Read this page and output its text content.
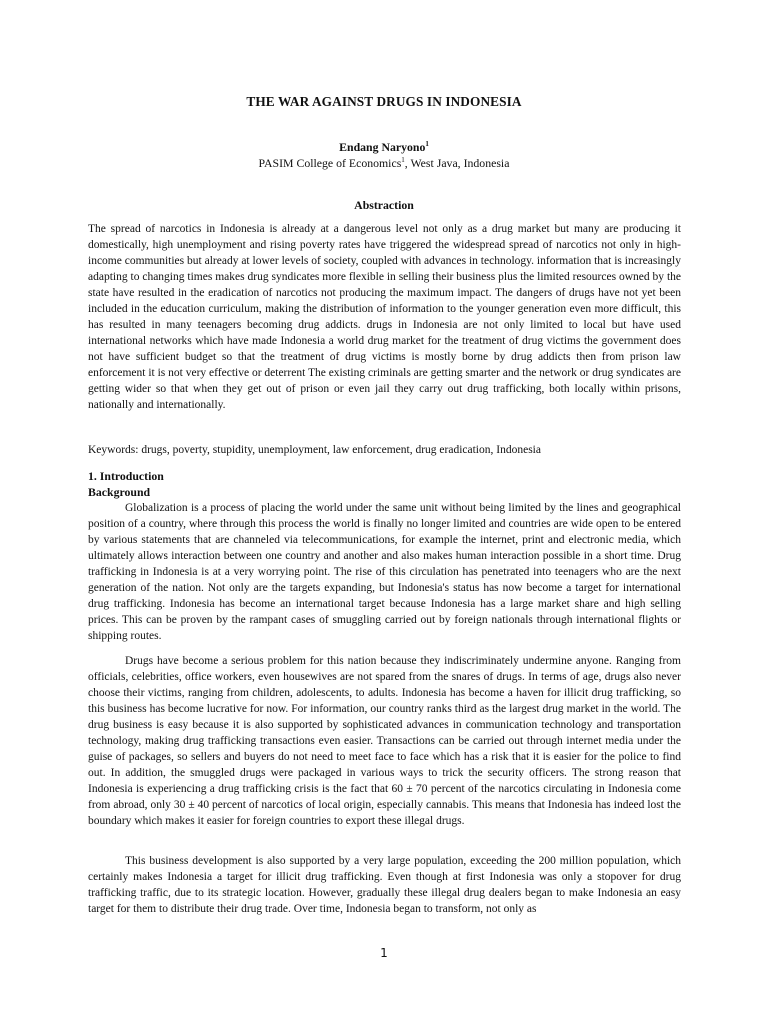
THE WAR AGAINST DRUGS IN INDONESIA
Endang Naryono$^1$
PASIM College of Economics$^1$, West Java, Indonesia
Abstraction

The spread of narcotics in Indonesia is already at a dangerous level not only as a drug market but many are producing it domestically, high unemployment and rising poverty rates have triggered the widespread spread of narcotics not only in high-income communities but already at lower levels of society, coupled with advances in technology. information that is increasingly adapting to changing times makes drug syndicates more flexible in selling their business plus the limited resources owned by the state have resulted in the eradication of narcotics not producing the maximum impact. The dangers of drugs have not yet been included in the education curriculum, making the distribution of information to the younger generation even more difficult, this has resulted in many teenagers becoming drug addicts. drugs in Indonesia are not only limited to local but have used international networks which have made Indonesia a world drug market for the treatment of drug victims the government does not have sufficient budget so that the treatment of drug victims is mostly borne by drug addicts then from prison law enforcement it is not very effective or deterrent The existing criminals are getting smarter and the network or drug syndicates are getting wider so that when they get out of prison or even jail they carry out drug trafficking, both locally within prisons, nationally and internationally.

Keywords: drugs, poverty, stupidity, unemployment, law enforcement, drug eradication, Indonesia

1. Introduction
Background

Globalization is a process of placing the world under the same unit without being limited by the lines and geographical position of a country, where through this process the world is finally no longer limited and countries are wide open to be entered by various statements that are channeled via telecommunications, for example the internet, print and electronic media, which ultimately allows interaction between one country and another and also makes human interaction possible in a short time. Drug trafficking in Indonesia is at a very worrying point. The rise of this circulation has penetrated into teenagers who are the next generation of the nation. Not only are the targets expanding, but Indonesia's status has now become a target for international drug trafficking. Indonesia has become an international target because Indonesia has a large market share and high selling prices. This can be proven by the rampant cases of smuggling carried out by foreign nationals through international flights or shipping routes.

Drugs have become a serious problem for this nation because they indiscriminately undermine anyone. Ranging from officials, celebrities, office workers, even housewives are not spared from the snares of drugs. In terms of age, drugs also never choose their victims, ranging from children, adolescents, to adults. Indonesia has become a haven for illicit drug trafficking, so this business has become lucrative for now. For information, our country ranks third as the largest drug market in the world. The drug business is easy because it is also supported by sophisticated advances in communication technology and transportation technology, making drug trafficking transactions even easier. Transactions can be carried out through internet media under the guise of packages, so sellers and buyers do not need to meet face to face which has a risk that it is easier for the police to find out. In addition, the smuggled drugs were packaged in various ways to trick the security officers. The strong reason that Indonesia is experiencing a drug trafficking crisis is the fact that 60 ± 70 percent of the narcotics circulating in Indonesia come from abroad, only 30 ± 40 percent of narcotics of local origin, especially cannabis. This means that Indonesia has indeed lost the boundary which makes it easier for foreign countries to export these illegal drugs.

This business development is also supported by a very large population, exceeding the 200 million population, which certainly makes Indonesia a target for illicit drug trafficking. Even though at first Indonesia was only a stopover for drug trafficking traffic, due to its strategic location. However, gradually these illegal drug dealers began to make Indonesia an easy target for them to distribute their drug trade. Over time, Indonesia began to transform, not only as

1
